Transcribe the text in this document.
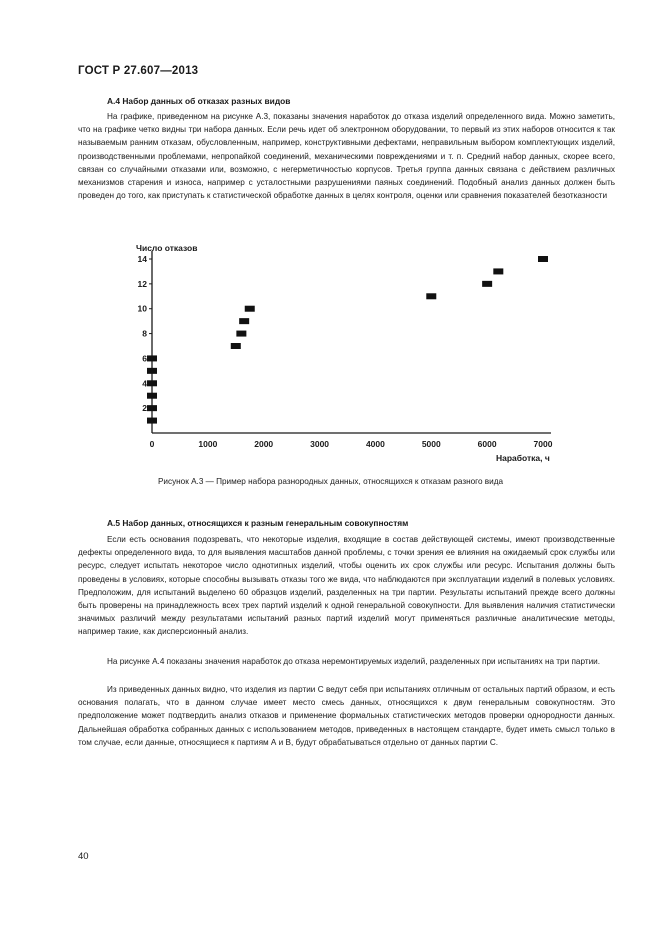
ГОСТ Р 27.607—2013
А.4 Набор данных об отказах разных видов
На графике, приведенном на рисунке А.3, показаны значения наработок до отказа изделий определенного вида. Можно заметить, что на графике четко видны три набора данных. Если речь идет об электронном оборудовании, то первый из этих наборов относится к так называемым ранним отказам, обусловленным, например, конструктивными дефектами, неправильным выбором комплектующих изделий, производственными проблемами, непропайкой соединений, механическими повреждениями и т. п. Средний набор данных, скорее всего, связан со случайными отказами или, возможно, с негерметичностью корпусов. Третья группа данных связана с действием различных механизмов старения и износа, например с усталостными разрушениями паяных соединений. Подобный анализ данных должен быть проведен до того, как приступать к статистической обработке данных в целях контроля, оценки или сравнения показателей безотказности
2
4
6
8
10
12
14
0	1000	2000	3000	4000	5000	6000	7000
Число отказов
Наработка, ч
Рисунок А.3 — Пример набора разнородных данных, относящихся к отказам разного вида
А.5 Набор данных, относящихся к разным генеральным совокупностям
Если есть основания подозревать, что некоторые изделия, входящие в состав действующей системы, имеют производственные дефекты определенного вида, то для выявления масштабов данной проблемы, с точки зрения ее влияния на ожидаемый срок службы или ресурс, следует испытать некоторое число однотипных изделий, чтобы оценить их срок службы или ресурс. Испытания должны быть проведены в условиях, которые способны вызывать отказы того же вида, что наблюдаются при эксплуатации изделий в полевых условиях. Предположим, для испытаний выделено 60 образцов изделий, разделенных на три партии. Результаты испытаний прежде всего должны быть проверены на принадлежность всех трех партий изделий к одной генеральной совокупности. Для выявления наличия статистически значимых различий между результатами испытаний разных партий изделий могут применяться различные аналитические методы, например такие, как дисперсионный анализ.
На рисунке А.4 показаны значения наработок до отказа неремонтируемых изделий, разделенных при испытаниях на три партии.
Из приведенных данных видно, что изделия из партии С ведут себя при испытаниях отличным от остальных партий образом, и есть основания полагать, что в данном случае имеет место смесь данных, относящихся к двум генеральным совокупностям. Это предположение может подтвердить анализ отказов и применение формальных статистических методов проверки однородности данных. Дальнейшая обработка собранных данных с использованием методов, приведенных в настоящем стандарте, будет иметь смысл только в том случае, если данные, относящиеся к партиям А и В, будут обрабатываться отдельно от данных партии С.
40
